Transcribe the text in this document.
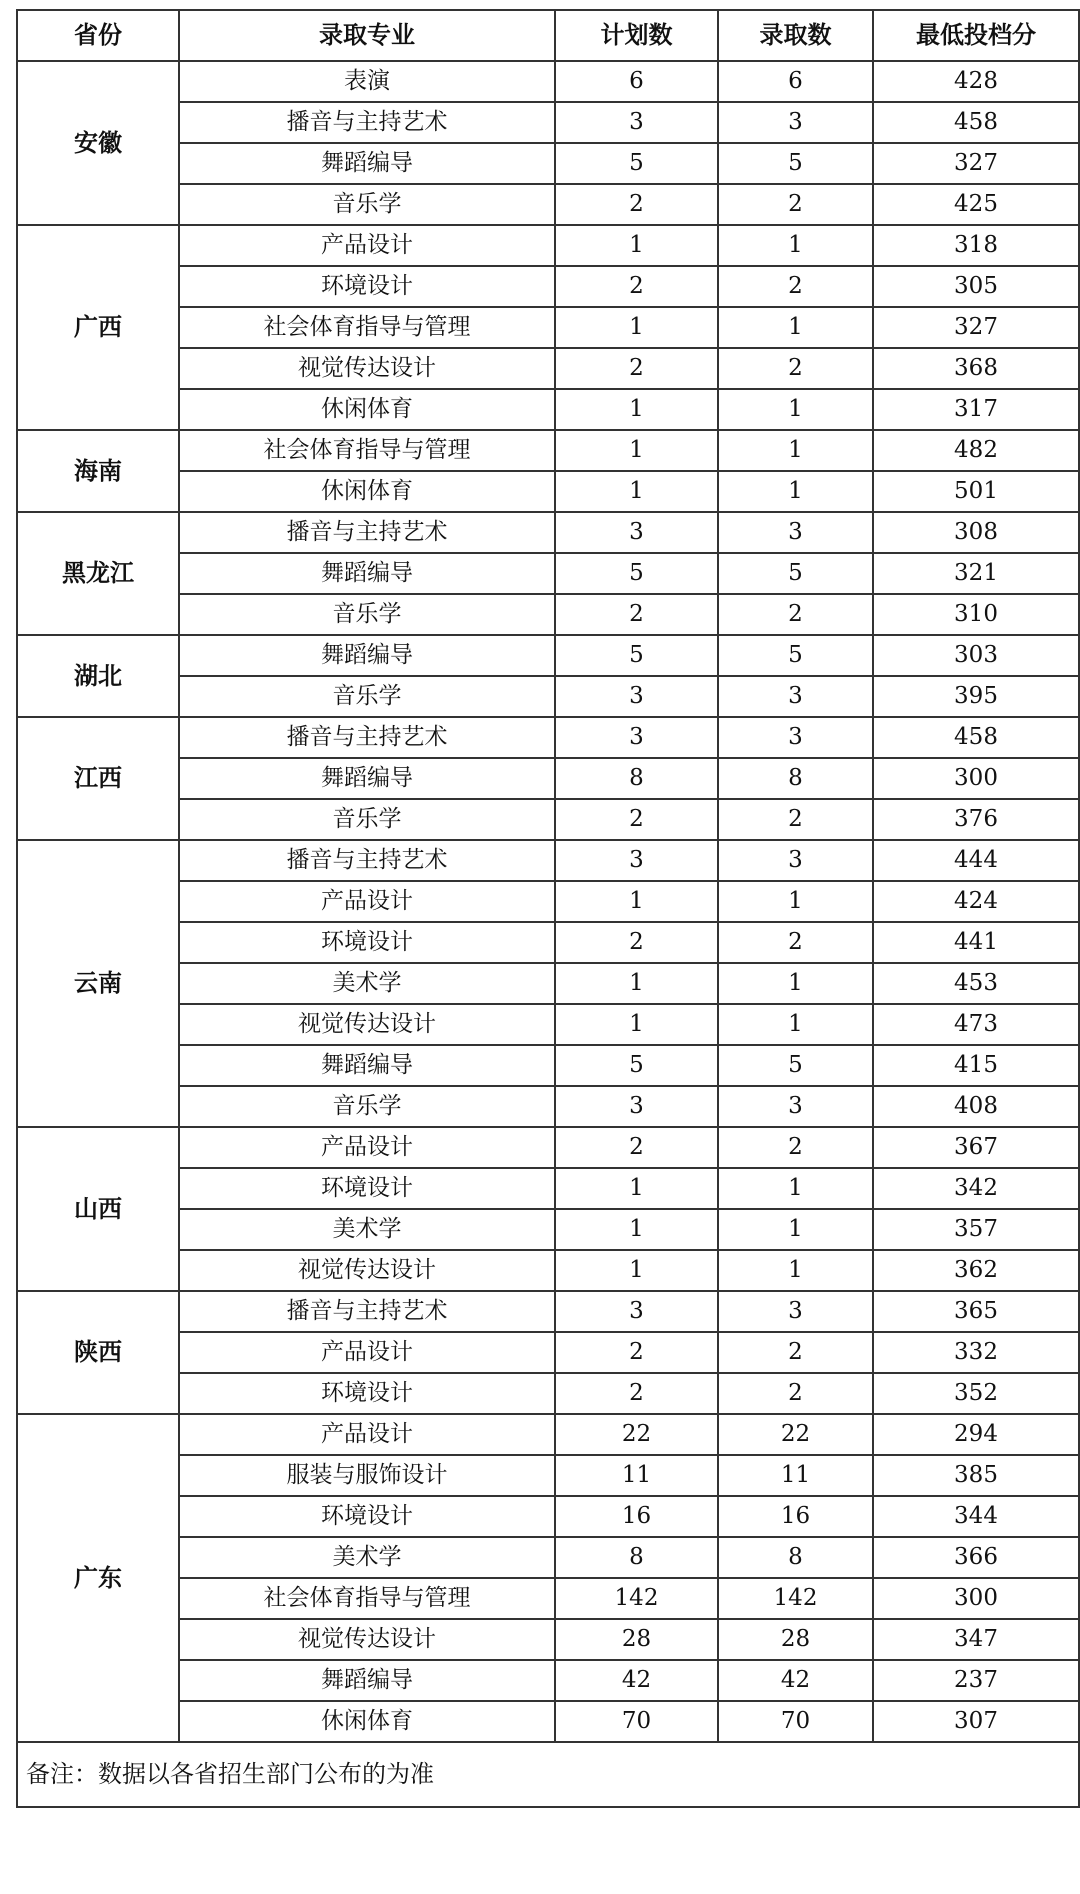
省份	录取专业	计划数	录取数	最低投档分
安徽	表演	6	6	428
	播音与主持艺术	3	3	458
	舞蹈编导	5	5	327
	音乐学	2	2	425
广西	产品设计	1	1	318
	环境设计	2	2	305
	社会体育指导与管理	1	1	327
	视觉传达设计	2	2	368
	休闲体育	1	1	317
海南	社会体育指导与管理	1	1	482
	休闲体育	1	1	501
黑龙江	播音与主持艺术	3	3	308
	舞蹈编导	5	5	321
	音乐学	2	2	310
湖北	舞蹈编导	5	5	303
	音乐学	3	3	395
江西	播音与主持艺术	3	3	458
	舞蹈编导	8	8	300
	音乐学	2	2	376
云南	播音与主持艺术	3	3	444
	产品设计	1	1	424
	环境设计	2	2	441
	美术学	1	1	453
	视觉传达设计	1	1	473
	舞蹈编导	5	5	415
	音乐学	3	3	408
山西	产品设计	2	2	367
	环境设计	1	1	342
	美术学	1	1	357
	视觉传达设计	1	1	362
陕西	播音与主持艺术	3	3	365
	产品设计	2	2	332
	环境设计	2	2	352
广东	产品设计	22	22	294
	服装与服饰设计	11	11	385
	环境设计	16	16	344
	美术学	8	8	366
	社会体育指导与管理	142	142	300
	视觉传达设计	28	28	347
	舞蹈编导	42	42	237
	休闲体育	70	70	307
备注：数据以各省招生部门公布的为准				
